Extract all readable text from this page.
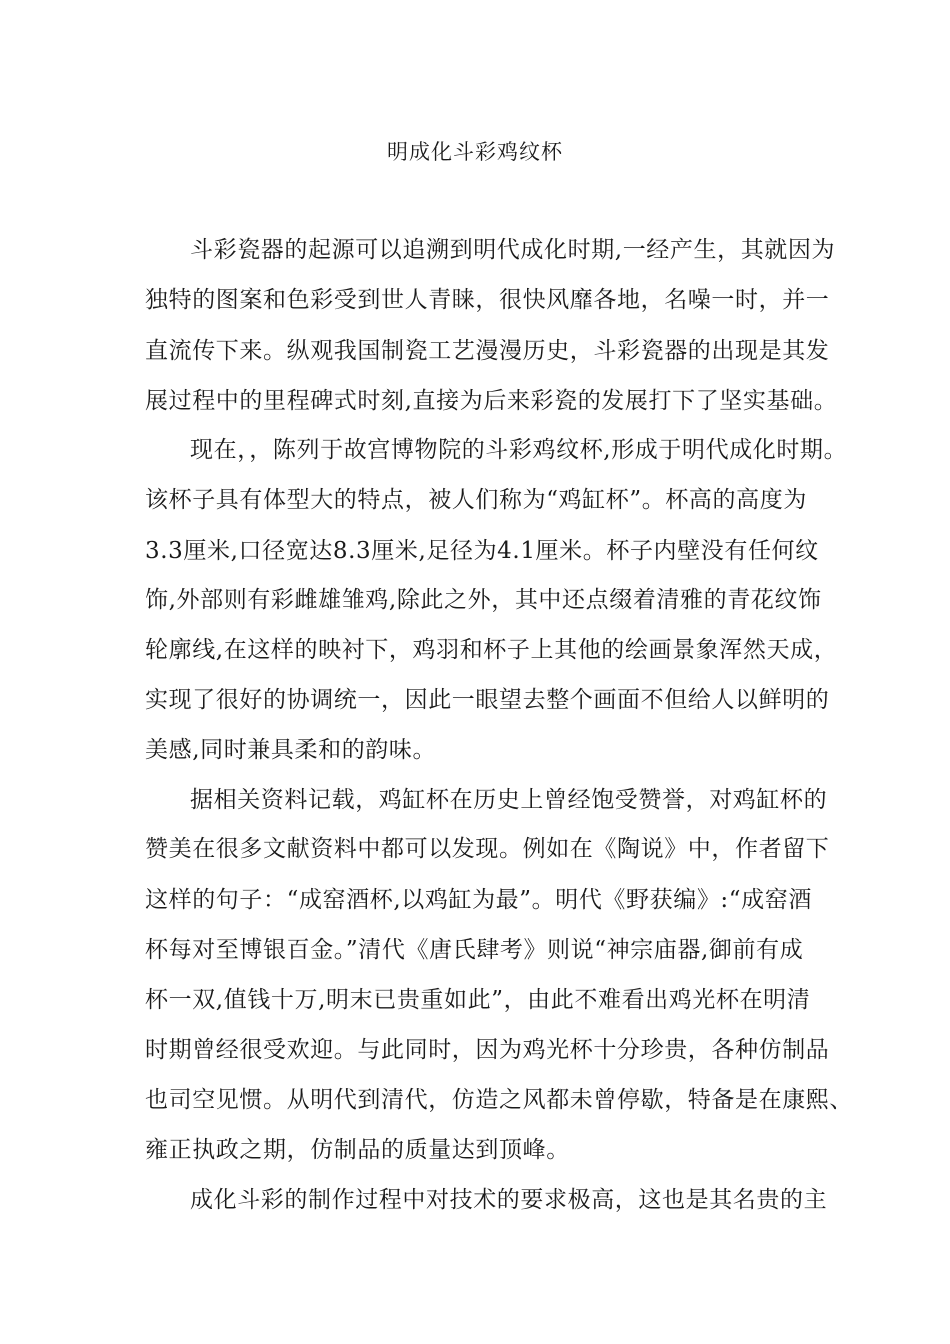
明成化斗彩鸡纹杯
斗彩瓷器的起源可以追溯到明代成化时期,一经产生，其就因为
独特的图案和色彩受到世人青睐，很快风靡各地，名噪一时，并一
直流传下来。纵观我国制瓷工艺漫漫历史，斗彩瓷器的出现是其发
展过程中的里程碑式时刻,直接为后来彩瓷的发展打下了坚实基础。
现在，，陈列于故宫博物院的斗彩鸡纹杯,形成于明代成化时期。
该杯子具有体型大的特点，被人们称为“鸡缸杯”。杯高的高度为
3.3厘米,口径宽达8.3厘米,足径为4.1厘米。杯子内壁没有任何纹
饰,外部则有彩雌雄雏鸡,除此之外，其中还点缀着清雅的青花纹饰
轮廓线,在这样的映衬下，鸡羽和杯子上其他的绘画景象浑然天成，
实现了很好的协调统一，因此一眼望去整个画面不但给人以鲜明的
美感,同时兼具柔和的韵味。
据相关资料记载，鸡缸杯在历史上曾经饱受赞誉，对鸡缸杯的
赞美在很多文献资料中都可以发现。例如在《陶说》中，作者留下
这样的句子：“成窑酒杯,以鸡缸为最”。明代《野获编》:“成窑酒
杯每对至博银百金。”清代《唐氏肆考》则说“神宗庙器,御前有成
杯一双,值钱十万,明末已贵重如此”，由此不难看出鸡光杯在明清
时期曾经很受欢迎。与此同时，因为鸡光杯十分珍贵，各种仿制品
也司空见惯。从明代到清代，仿造之风都未曾停歇，特备是在康熙、
雍正执政之期，仿制品的质量达到顶峰。
成化斗彩的制作过程中对技术的要求极高，这也是其名贵的主
